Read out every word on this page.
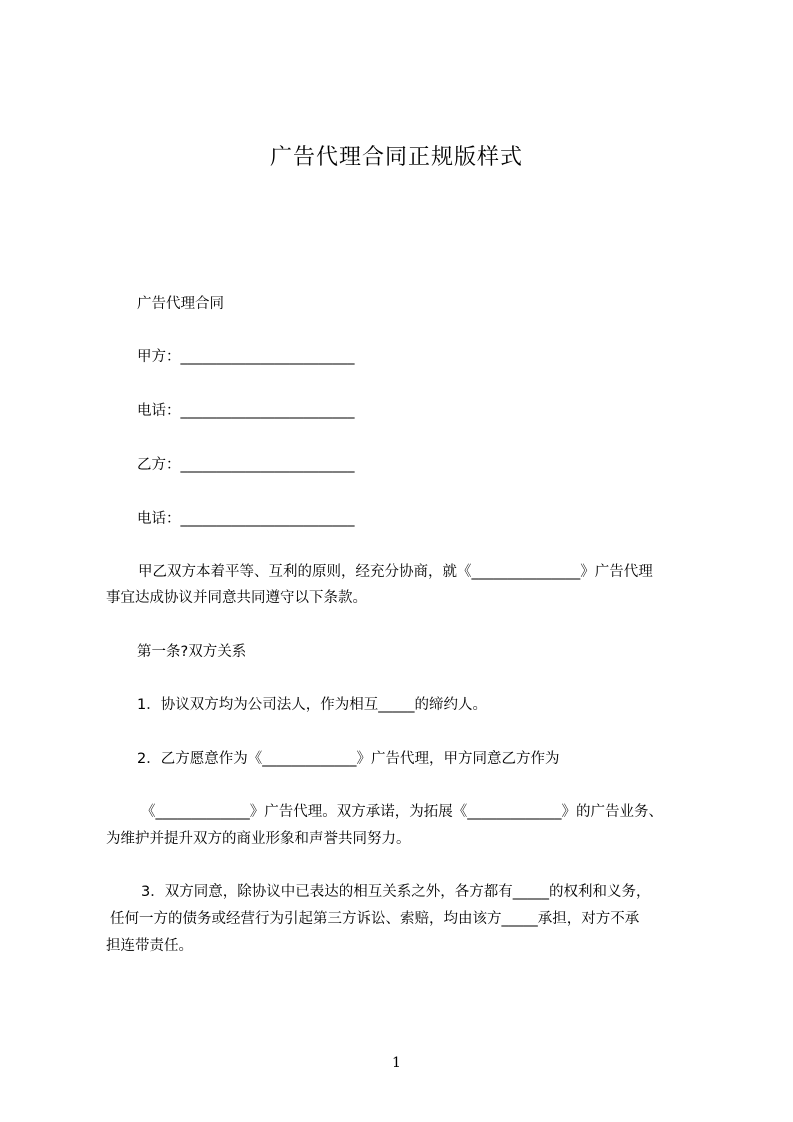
广告代理合同正规版样式
广告代理合同
甲方：________________________
电话：________________________
乙方：________________________
电话：________________________
甲乙双方本着平等、互利的原则，经充分协商，就《_______________》广告代理
事宜达成协议并同意共同遵守以下条款。
第一条?双方关系
1．协议双方均为公司法人，作为相互_____的缔约人。
2．乙方愿意作为《_____________》广告代理，甲方同意乙方作为
《_____________》广告代理。双方承诺，为拓展《_____________》的广告业务、
为维护并提升双方的商业形象和声誉共同努力。
3．双方同意，除协议中已表达的相互关系之外，各方都有_____的权利和义务，
任何一方的债务或经营行为引起第三方诉讼、索赔，均由该方_____承担，对方不承
担连带责任。
1
